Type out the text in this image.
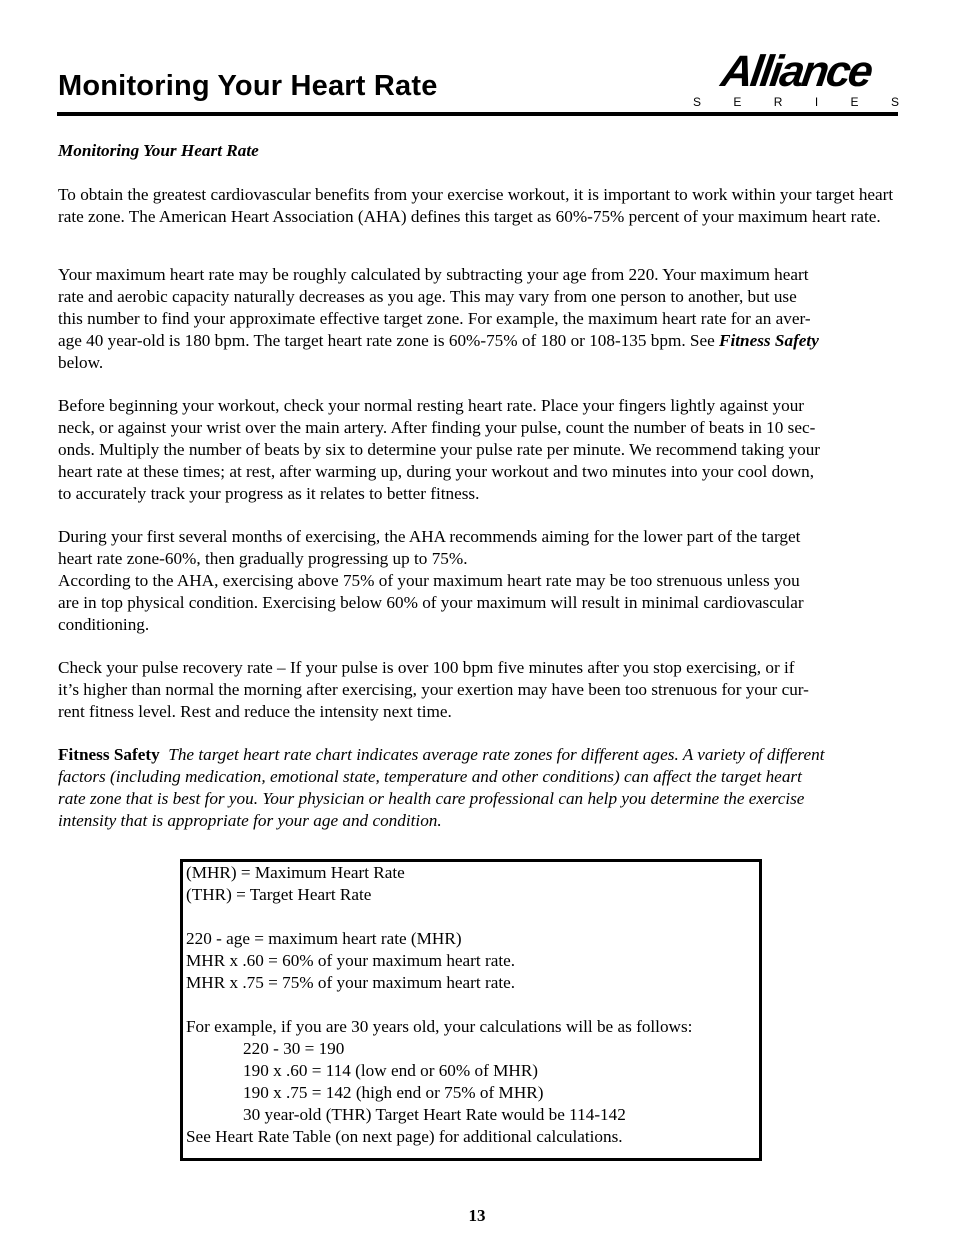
Monitoring Your Heart Rate	Alliance
S	E	R	I	E	S
Monitoring Your Heart Rate

To obtain the greatest cardiovascular benefits from your exercise workout, it is important to work within your target heart rate zone. The American Heart Association (AHA) defines this target as 60%-75% percent of your maximum heart rate.

Your maximum heart rate may be roughly calculated by subtracting your age from 220. Your maximum heart
rate and aerobic capacity naturally decreases as you age. This may vary from one person to another, but use
this number to find your approximate effective target zone. For example, the maximum heart rate for an aver-
age 40 year-old is 180 bpm. The target heart rate zone is 60%-75% of 180 or 108-135 bpm. See Fitness Safety
below.
Before beginning your workout, check your normal resting heart rate. Place your fingers lightly against your
neck, or against your wrist over the main artery. After finding your pulse, count the number of beats in 10 sec-
onds. Multiply the number of beats by six to determine your pulse rate per minute. We recommend taking your
heart rate at these times; at rest, after warming up, during your workout and two minutes into your cool down,
to accurately track your progress as it relates to better fitness.
During your first several months of exercising, the AHA recommends aiming for the lower part of the target
heart rate zone-60%, then gradually progressing up to 75%.
According to the AHA, exercising above 75% of your maximum heart rate may be too strenuous unless you
are in top physical condition. Exercising below 60% of your maximum will result in minimal cardiovascular
conditioning.
Check your pulse recovery rate – If your pulse is over 100 bpm five minutes after you stop exercising, or if
it’s higher than normal the morning after exercising, your exertion may have been too strenuous for your cur-
rent fitness level. Rest and reduce the intensity next time.
Fitness Safety The target heart rate chart indicates average rate zones for different ages. A variety of different
factors (including medication, emotional state, temperature and other conditions) can affect the target heart
rate zone that is best for you. Your physician or health care professional can help you determine the exercise
intensity that is appropriate for your age and condition.
(MHR) = Maximum Heart Rate
(THR) = Target Heart Rate
220 - age = maximum heart rate (MHR)
MHR x .60 = 60% of your maximum heart rate.
MHR x .75 = 75% of your maximum heart rate.
For example, if you are 30 years old, your calculations will be as follows:
220 - 30 = 190
190 x .60 = 114 (low end or 60% of MHR)
190 x .75 = 142 (high end or 75% of MHR)
30 year-old (THR) Target Heart Rate would be 114-142
See Heart Rate Table (on next page) for additional calculations.
13
